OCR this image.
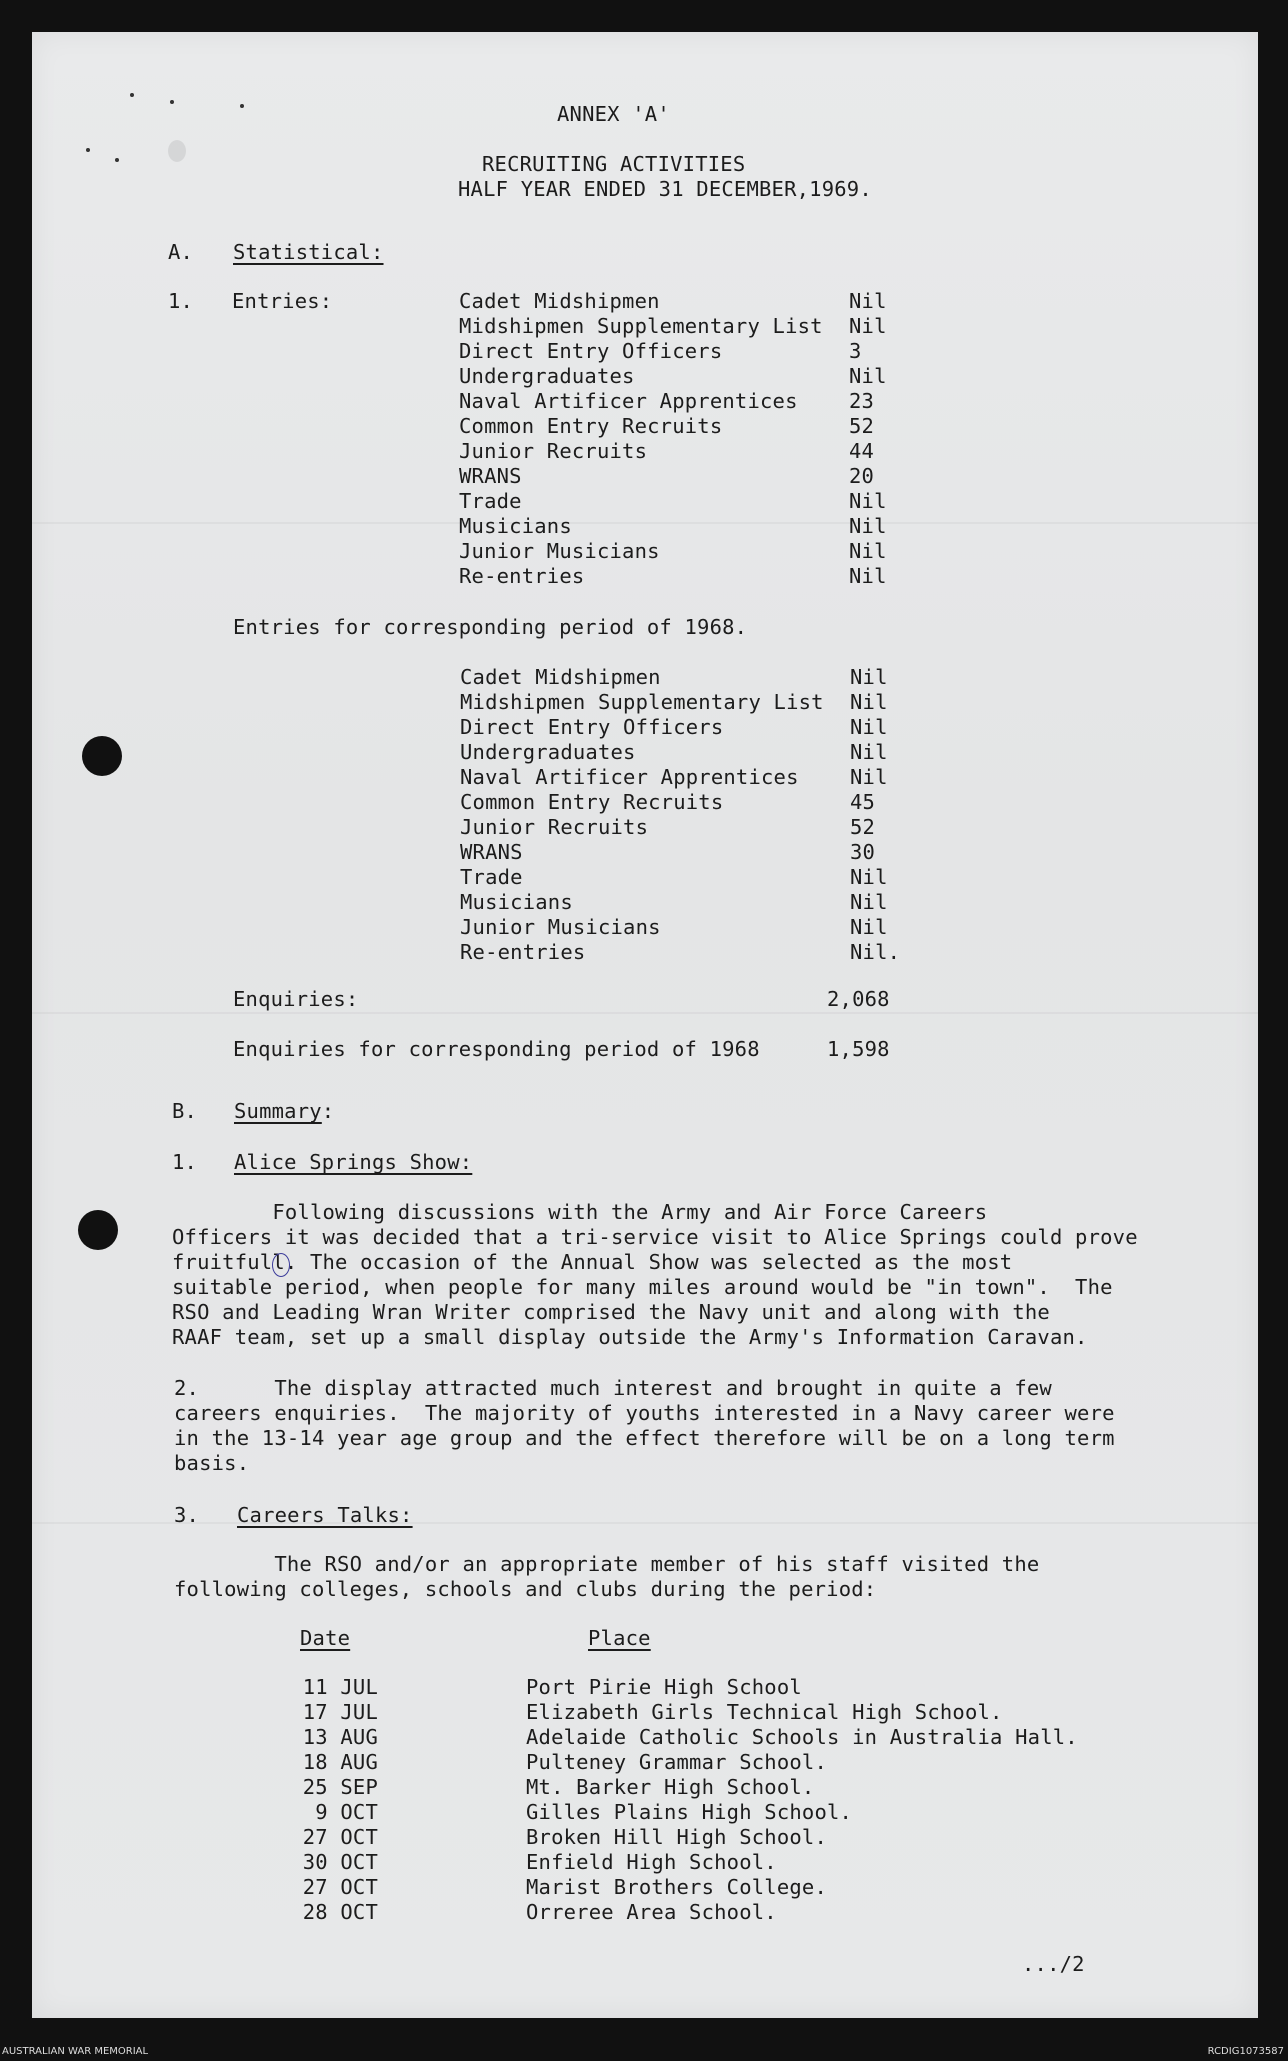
ANNEX 'A'
RECRUITING ACTIVITIES
HALF YEAR ENDED 31 DECEMBER,1969.
A. Statistical:
1. Entries:	Cadet Midshipmen	Nil
Midshipmen Supplementary List Nil
Direct Entry Officers	3
Undergraduates	Nil
Naval Artificer Apprentices	23
Common Entry Recruits	52
Junior Recruits	44
WRANS	20
Trade	Nil
Musicians	Nil
Junior Musicians	Nil
Re-entries	Nil
Entries for corresponding period of 1968.
Cadet Midshipmen	Nil
Midshipmen Supplementary List Nil
Direct Entry Officers	Nil
Undergraduates	Nil
Naval Artificer Apprentices	Nil
Common Entry Recruits	45
Junior Recruits	52
WRANS	30
Trade	Nil
Musicians	Nil
Junior Musicians	Nil
Re-entries	Nil.
Enquiries:	2,068
Enquiries for corresponding period of 1968	1,598
B. Summary:
1. Alice Springs Show:
Following discussions with the Army and Air Force Careers
Officers it was decided that a tri-service visit to Alice Springs could prove
fruitfull. The occasion of the Annual Show was selected as the most
suitable period, when people for many miles around would be "in town".  The
RSO and Leading Wran Writer comprised the Navy unit and along with the
RAAF team, set up a small display outside the Army's Information Caravan.
2.      The display attracted much interest and brought in quite a few
careers enquiries.  The majority of youths interested in a Navy career were
in the 13-14 year age group and the effect therefore will be on a long term
basis.
3. Careers Talks:
The RSO and/or an appropriate member of his staff visited the
following colleges, schools and clubs during the period:
Date	Place
11 JUL	Port Pirie High School
17 JUL	Elizabeth Girls Technical High School.
13 AUG	Adelaide Catholic Schools in Australia Hall.
18 AUG	Pulteney Grammar School.
25 SEP	Mt. Barker High School.
9 OCT	Gilles Plains High School.
27 OCT	Broken Hill High School.
30 OCT	Enfield High School.
27 OCT	Marist Brothers College.
28 OCT	Orreree Area School.
.../2
AUSTRALIAN WAR MEMORIAL	RCDIG1073587
